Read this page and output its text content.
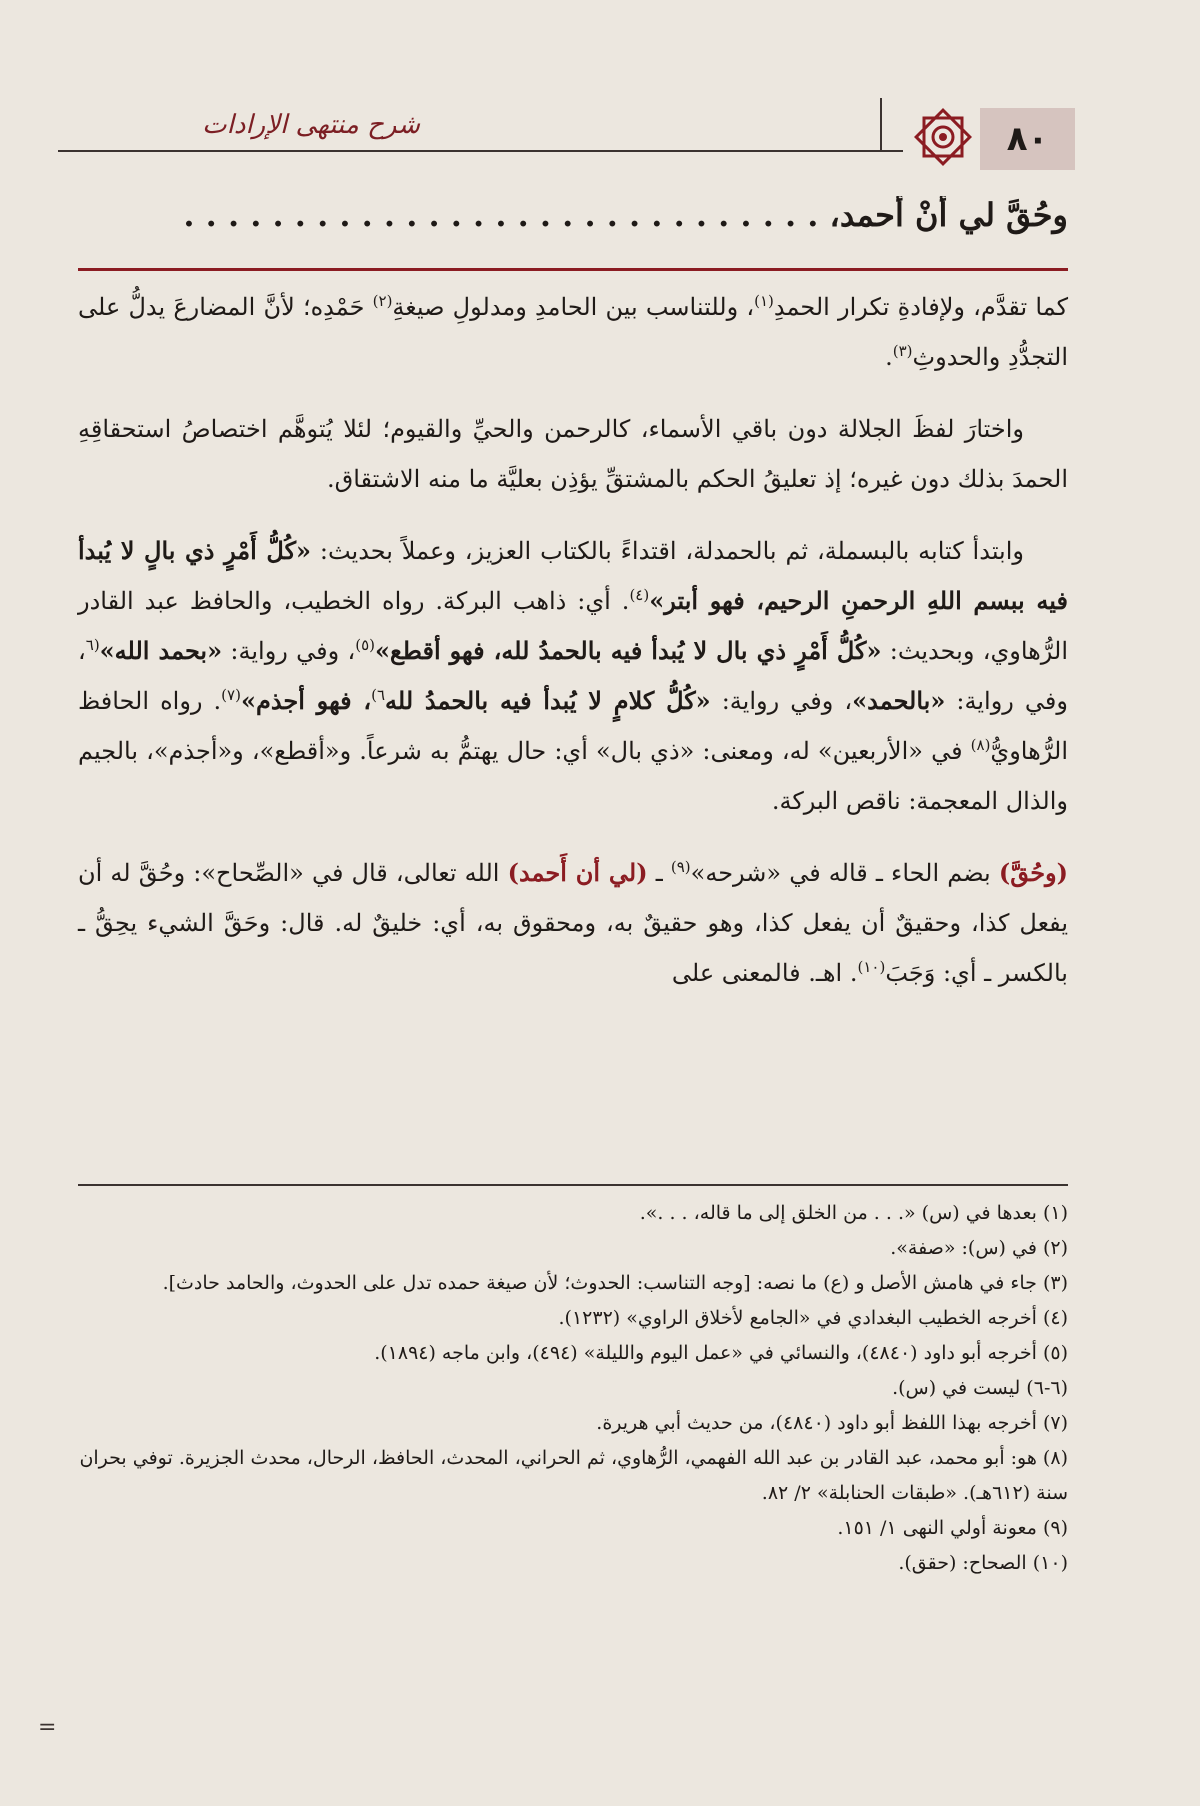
شرح منتهى الإرادات	٨٠
وحُقَّ لي أنْ أحمد، . . . . . . . . . . . . . . . . . . . . . . . . . . . . .

كما تقدَّم، ولإفادةِ تكرار الحمدِ$^{(١)}$، وللتناسب بين الحامدِ ومدلولِ صيغةِ$^{(٢)}$ حَمْدِه؛ لأنَّ المضارعَ يدلُّ على التجدُّدِ والحدوثِ$^{(٣)}$.

واختارَ لفظَ الجلالة دون باقي الأسماء، كالرحمن والحيِّ والقيوم؛ لئلا يُتوهَّم اختصاصُ استحقاقِهِ الحمدَ بذلك دون غيره؛ إذ تعليقُ الحكم بالمشتقِّ يؤذِن بعليَّة ما منه الاشتقاق.

وابتدأ كتابه بالبسملة، ثم بالحمدلة، اقتداءً بالكتاب العزيز، وعملاً بحديث: «كُلُّ أَمْرٍ ذي بالٍ لا يُبدأ فيه ببسم اللهِ الرحمنِ الرحيم، فهو أبتر»$^{(٤)}$. أي: ذاهب البركة. رواه الخطيب، والحافظ عبد القادر الرُّهاوي، وبحديث: «كُلُّ أَمْرٍ ذي بال لا يُبدأ فيه بالحمدُ لله، فهو أقطع»$^{(٥)}$، وفي رواية: «بحمد الله»$^{(٦}$، وفي رواية: «بالحمد»، وفي رواية: «كُلُّ كلامٍ لا يُبدأ فيه بالحمدُ لله$^{٦)}$، فهو أجذم»$^{(٧)}$. رواه الحافظ الرُّهاويُّ$^{(٨)}$ في «الأربعين» له، ومعنى: «ذي بال» أي: حال يهتمُّ به شرعاً. و«أقطع»، و«أجذم»، بالجيم والذال المعجمة: ناقص البركة.

(وحُقَّ) بضم الحاء ـ قاله في «شرحه»$^{(٩)}$ ـ (لي أن أَحمد) الله تعالى، قال في «الصِّحاح»: وحُقَّ له أن يفعل كذا، وحقيقٌ أن يفعل كذا، وهو حقيقٌ به، ومحقوق به، أي: خليقٌ له. قال: وحَقَّ الشيء يحِقُّ ـ بالكسر ـ أي: وَجَبَ$^{(١٠)}$. اهـ. فالمعنى على

(١) بعدها في (س) «. . . من الخلق إلى ما قاله، . . .».
(٢) في (س): «صفة».
(٣) جاء في هامش الأصل و (ع) ما نصه: [وجه التناسب: الحدوث؛ لأن صيغة حمده تدل على الحدوث، والحامد حادث].
(٤) أخرجه الخطيب البغدادي في «الجامع لأخلاق الراوي» (١٢٣٢).
(٥) أخرجه أبو داود (٤٨٤٠)، والنسائي في «عمل اليوم والليلة» (٤٩٤)، وابن ماجه (١٨٩٤).
(٦-٦) ليست في (س).
(٧) أخرجه بهذا اللفظ أبو داود (٤٨٤٠)، من حديث أبي هريرة.
(٨) هو: أبو محمد، عبد القادر بن عبد الله الفهمي، الرُّهاوي، ثم الحراني، المحدث، الحافظ، الرحال، محدث الجزيرة. توفي بحران سنة (٦١٢هـ). «طبقات الحنابلة» ٢/ ٨٢.
(٩) معونة أولي النهى ١/ ١٥١.
(١٠) الصحاح: (حقق).
=
